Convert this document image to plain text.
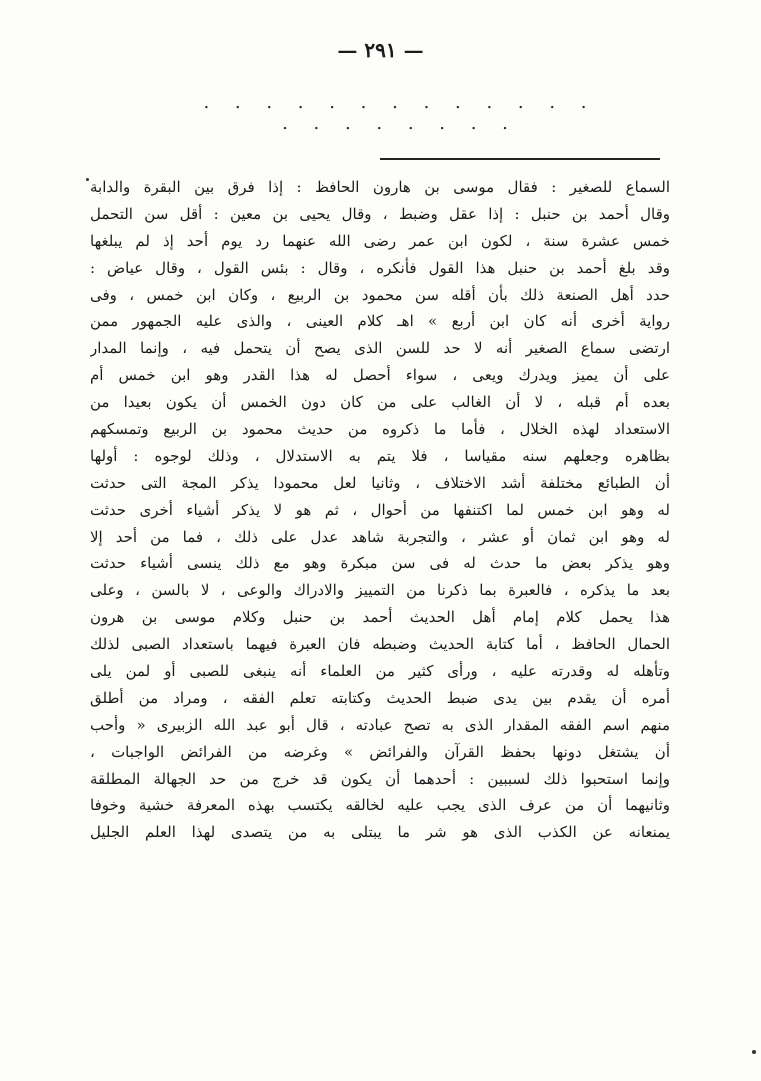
— ٢٩١ —
. . . . . . . . . . . . . . . . . . . . .
السماع للصغير : فقال موسى بن هارون الحافظ : إذا فرق بين البقرة والدابة
وقال أحمد بن حنبل : إذا عقل وضبط ، وقال يحيى بن معين : أقل سن التحمل
خمس عشرة سنة ، لكون ابن عمر رضى الله عنهما رد يوم أحد إذ لم يبلغها
وقد بلغ أحمد بن حنبل هذا القول فأنكره ، وقال : بئس القول ، وقال عياض :
حدد أهل الصنعة ذلك بأن أقله سن محمود بن الربيع ، وكان ابن خمس ، وفى
رواية أخرى أنه كان ابن أربع » اهـ كلام العينى ، والذى عليه الجمهور ممن
ارتضى سماع الصغير أنه لا حد للسن الذى يصح أن يتحمل فيه ، وإنما المدار
على أن يميز ويدرك ويعى ، سواء أحصل له هذا القدر وهو ابن خمس أم
بعده أم قبله ، لا أن الغالب على من كان دون الخمس أن يكون بعيدا من
الاستعداد لهذه الخلال ، فأما ما ذكروه من حديث محمود بن الربيع وتمسكهم
بظاهره وجعلهم سنه مقياسا ، فلا يتم به الاستدلال ، وذلك لوجوه : أولها
أن الطبائع مختلفة أشد الاختلاف ، وثانيا لعل محمودا يذكر المجة التى حدثت
له وهو ابن خمس لما اكتنفها من أحوال ، ثم هو لا يذكر أشياء أخرى حدثت
له وهو ابن ثمان أو عشر ، والتجربة شاهد عدل على ذلك ، فما من أحد إلا
وهو يذكر بعض ما حدث له فى سن مبكرة وهو مع ذلك ينسى أشياء حدثت
بعد ما يذكره ، فالعبرة بما ذكرنا من التمييز والادراك والوعى ، لا بالسن ، وعلى
هذا يحمل كلام إمام أهل الحديث أحمد بن حنبل وكلام موسى بن هرون
الحمال الحافظ ، أما كتابة الحديث وضبطه فان العبرة فيهما باستعداد الصبى لذلك
وتأهله له وقدرته عليه ، ورأى كثير من العلماء أنه ينبغى للصبى أو لمن يلى
أمره أن يقدم بين يدى ضبط الحديث وكتابته تعلم الفقه ، ومراد من أطلق
منهم اسم الفقه المقدار الذى به تصح عبادته ، قال أبو عبد الله الزبيرى « وأحب
أن يشتغل دونها بحفظ القرآن والفرائض » وغرضه من الفرائض الواجبات ،
وإنما استحبوا ذلك لسببين : أحدهما أن يكون قد خرج من حد الجهالة المطلقة
وثانيهما أن من عرف الذى يجب عليه لخالقه يكتسب بهذه المعرفة خشية وخوفا
يمنعانه عن الكذب الذى هو شر ما يبتلى به من يتصدى لهذا العلم الجليل
